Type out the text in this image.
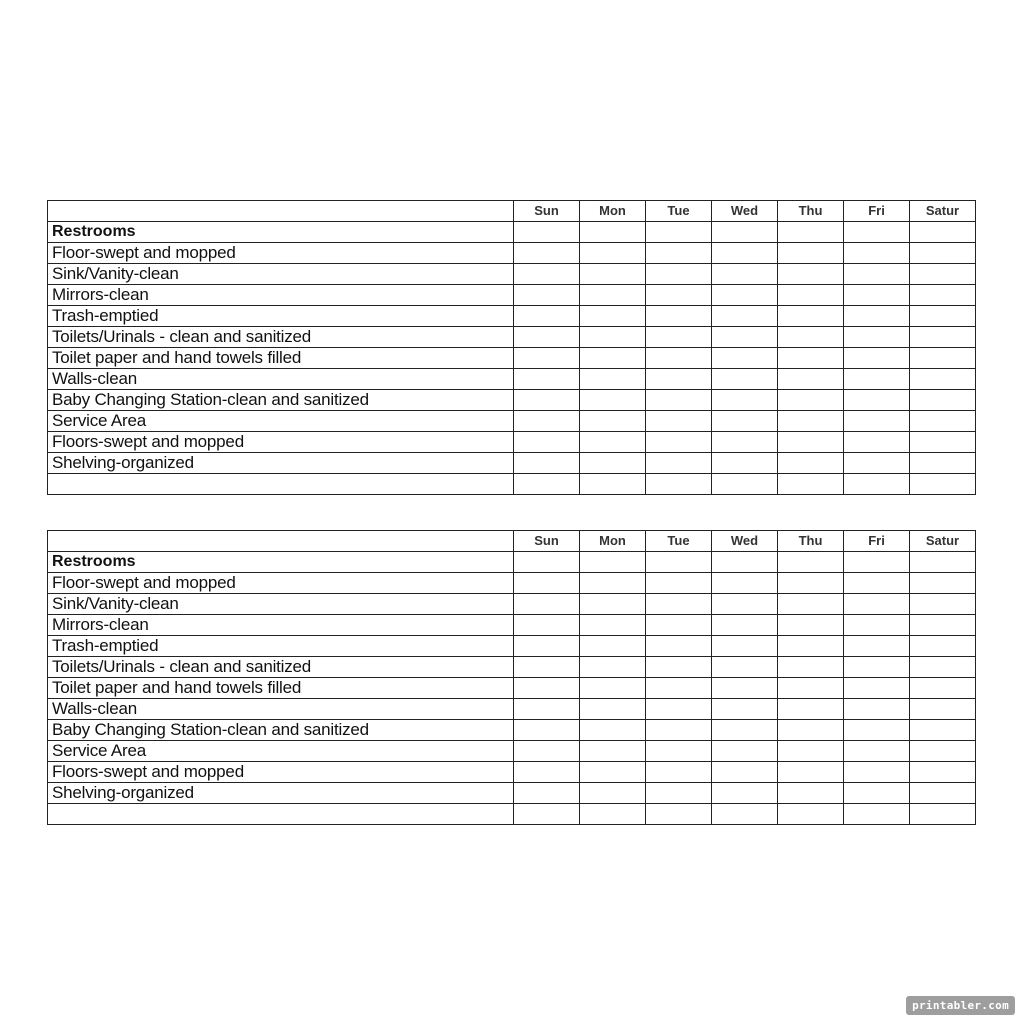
	Sun	Mon	Tue	Wed	Thu	Fri	Satur
Restrooms							
Floor-swept and mopped							
Sink/Vanity-clean							
Mirrors-clean							
Trash-emptied							
Toilets/Urinals - clean and sanitized							
Toilet paper and hand towels filled							
Walls-clean							
Baby Changing Station-clean and sanitized							
Service Area							
Floors-swept and mopped							
Shelving-organized							

	Sun	Mon	Tue	Wed	Thu	Fri	Satur
Restrooms							
Floor-swept and mopped							
Sink/Vanity-clean							
Mirrors-clean							
Trash-emptied							
Toilets/Urinals - clean and sanitized							
Toilet paper and hand towels filled							
Walls-clean							
Baby Changing Station-clean and sanitized							
Service Area							
Floors-swept and mopped							
Shelving-organized							

printabler.com
